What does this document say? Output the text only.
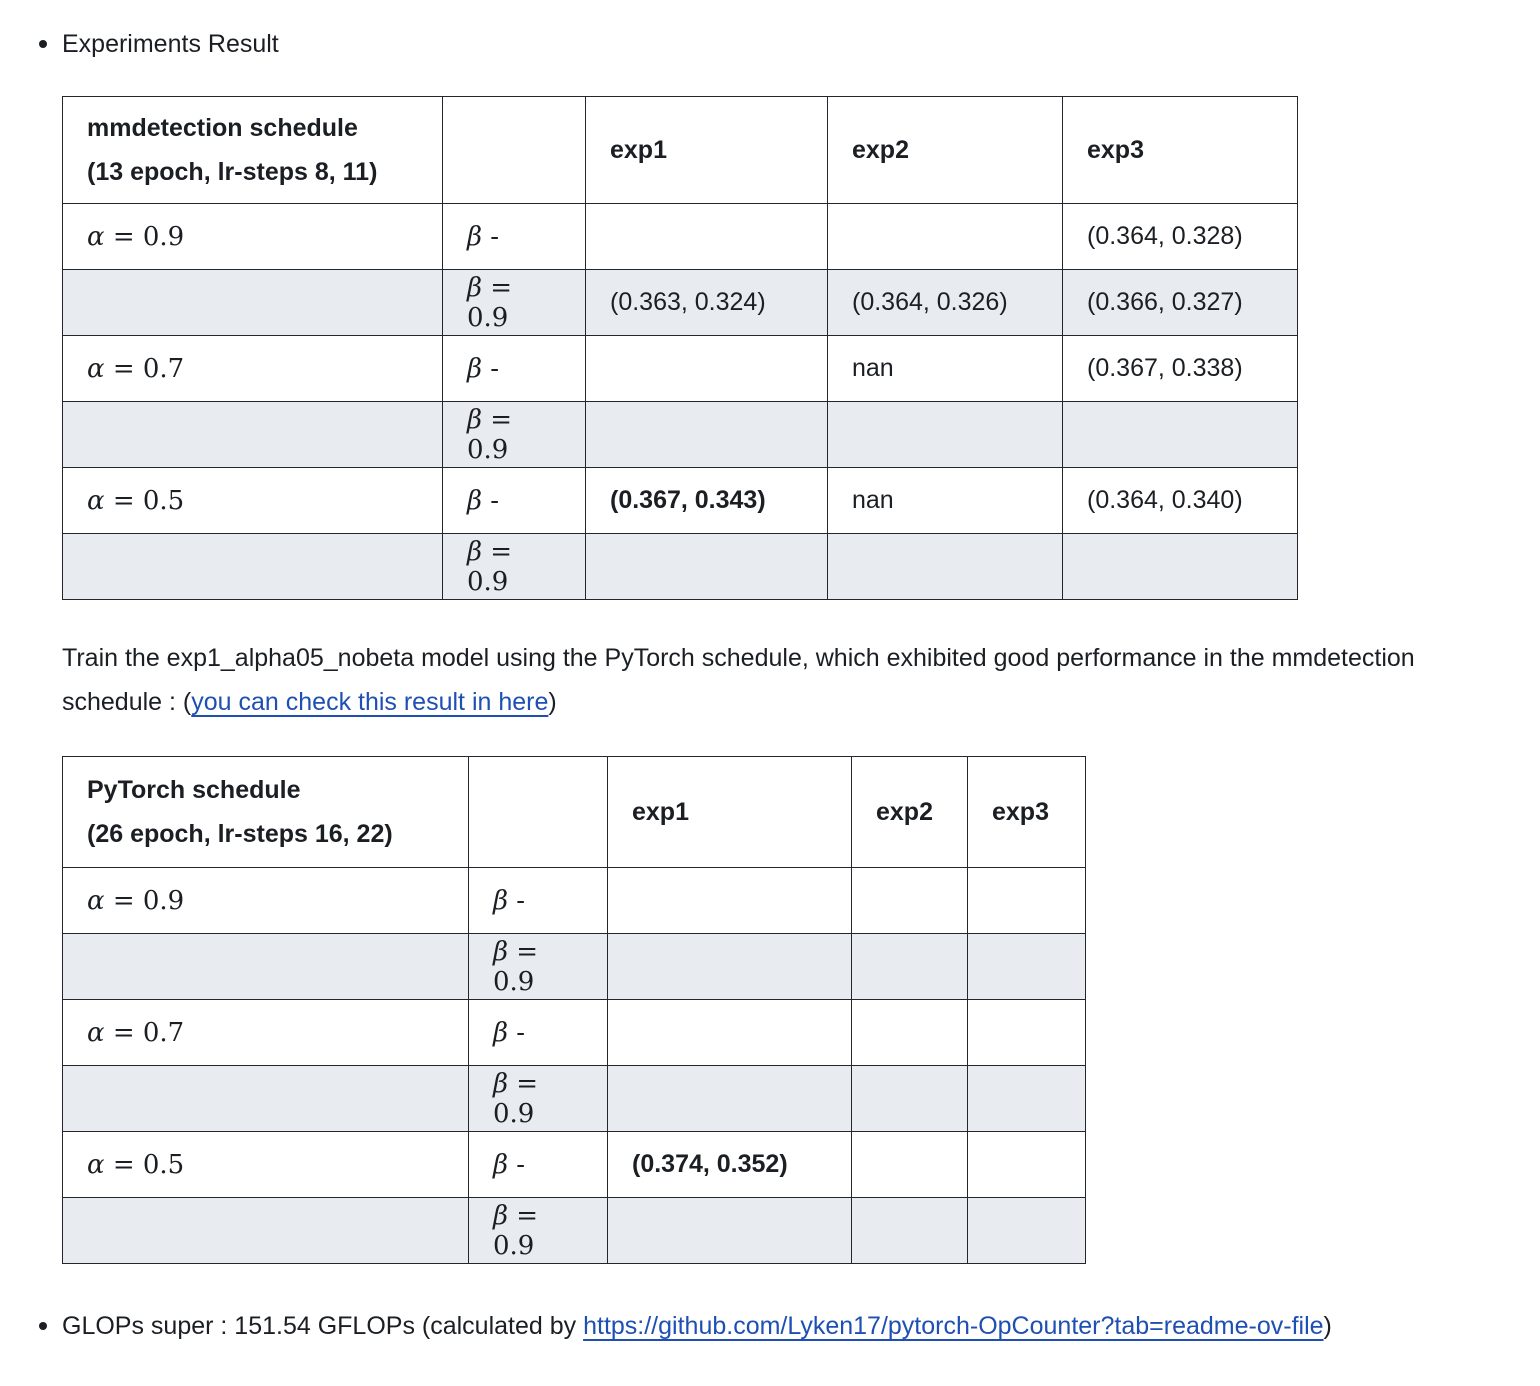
Experiments Result
mmdetection schedule
(13 epoch, lr-steps 8, 11)		exp1	exp2	exp3
α = 0.9	β -			(0.364, 0.328)
	β = 0.9	(0.363, 0.324)	(0.364, 0.326)	(0.366, 0.327)
α = 0.7	β -		nan	(0.367, 0.338)
	β = 0.9			
α = 0.5	β -	(0.367, 0.343)	nan	(0.364, 0.340)
	β = 0.9			

Train the exp1_alpha05_nobeta model using the PyTorch schedule, which exhibited good performance in the mmdetection schedule : (you can check this result in here)

PyTorch schedule
(26 epoch, lr-steps 16, 22)		exp1	exp2	exp3
α = 0.9	β -			
	β = 0.9			
α = 0.7	β -			
	β = 0.9			
α = 0.5	β -	(0.374, 0.352)		
	β = 0.9			
GLOPs super : 151.54 GFLOPs (calculated by https://github.com/Lyken17/pytorch-OpCounter?tab=readme-ov-file)
